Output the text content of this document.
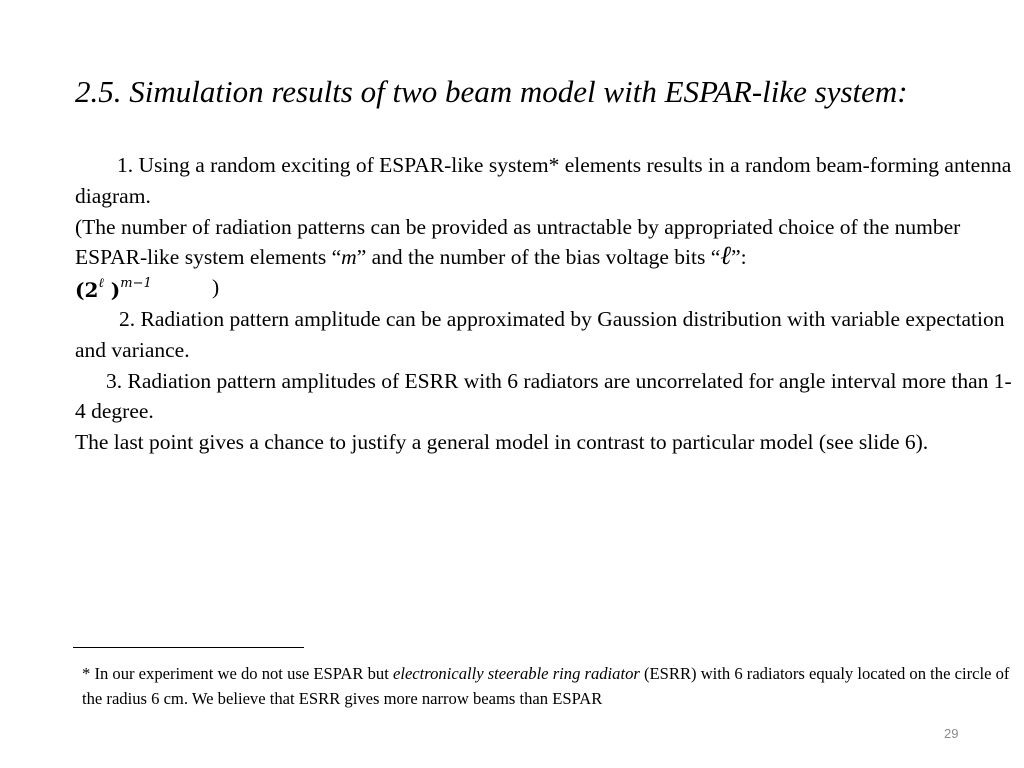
2.5. Simulation results of two beam model with ESPAR-like system:

1. Using a random exciting of ESPAR-like system* elements results in a random beam-forming antenna diagram.

(The number of radiation patterns can be provided as untractable by appropriated choice of the number ESPAR-like system elements “m” and the number of the bias voltage bits “ℓ”:

($2^\ell$ )$^{m-1}$	)

2. Radiation pattern amplitude can be approximated by Gaussion distribution with variable expectation and variance.

3. Radiation pattern amplitudes of ESRR with 6 radiators are uncorrelated for angle interval more than 1-4 degree.

The last point gives a chance to justify a general model in contrast to particular model (see slide 6).

* In our experiment we do not use ESPAR but electronically steerable ring radiator (ESRR) with 6 radiators equaly located on the circle of the radius 6 cm. We believe that ESRR gives more narrow beams than ESPAR
29
